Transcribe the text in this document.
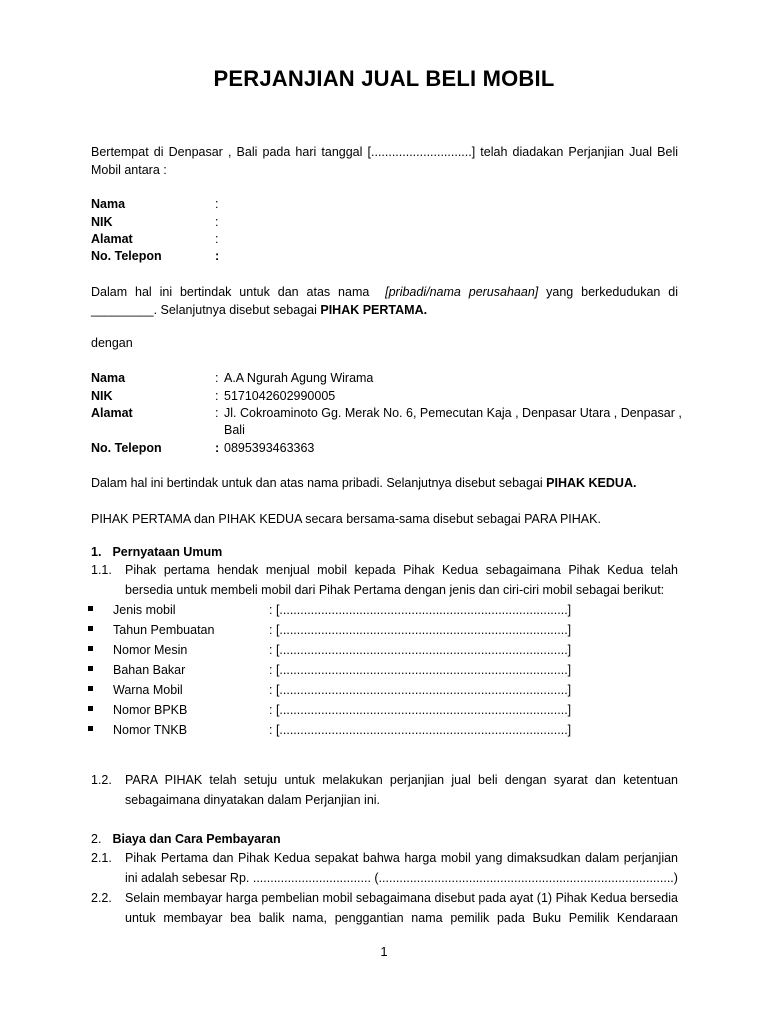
PERJANJIAN JUAL BELI MOBIL
Bertempat di Denpasar , Bali pada hari tanggal [.............................] telah diadakan Perjanjian Jual Beli
Mobil antara :
Nama	:
NIK	:
Alamat	:
No. Telepon	:
Dalam hal ini bertindak untuk dan atas nama [pribadi/nama perusahaan] yang berkedudukan di
_________. Selanjutnya disebut sebagai PIHAK PERTAMA.
dengan
Nama	: A.A Ngurah Agung Wirama
NIK	: 5171042602990005
Alamat	: Jl. Cokroaminoto Gg. Merak No. 6, Pemecutan Kaja , Denpasar Utara , Denpasar ,
Bali
No. Telepon	: 0895393463363
Dalam hal ini bertindak untuk dan atas nama pribadi. Selanjutnya disebut sebagai PIHAK KEDUA.
PIHAK PERTAMA dan PIHAK KEDUA secara bersama-sama disebut sebagai PARA PIHAK.
1. Pernyataan Umum
1.1. Pihak pertama hendak menjual mobil kepada Pihak Kedua sebagaimana Pihak Kedua telah
bersedia untuk membeli mobil dari Pihak Pertama dengan jenis dan ciri-ciri mobil sebagai berikut:
Jenis mobil	: [...................................................................................]
Tahun Pembuatan	: [...................................................................................]
Nomor Mesin	: [...................................................................................]
Bahan Bakar	: [...................................................................................]
Warna Mobil	: [...................................................................................]
Nomor BPKB	: [...................................................................................]
Nomor TNKB	: [...................................................................................]
1.2. PARA PIHAK telah setuju untuk melakukan perjanjian jual beli dengan syarat dan ketentuan
sebagaimana dinyatakan dalam Perjanjian ini.
2. Biaya dan Cara Pembayaran
2.1. Pihak Pertama dan Pihak Kedua sepakat bahwa harga mobil yang dimaksudkan dalam perjanjian
ini adalah sebesar Rp. .................................. (.....................................................................................)
2.2. Selain membayar harga pembelian mobil sebagaimana disebut pada ayat (1) Pihak Kedua bersedia
untuk membayar bea balik nama, penggantian nama pemilik pada Buku Pemilik Kendaraan
1
